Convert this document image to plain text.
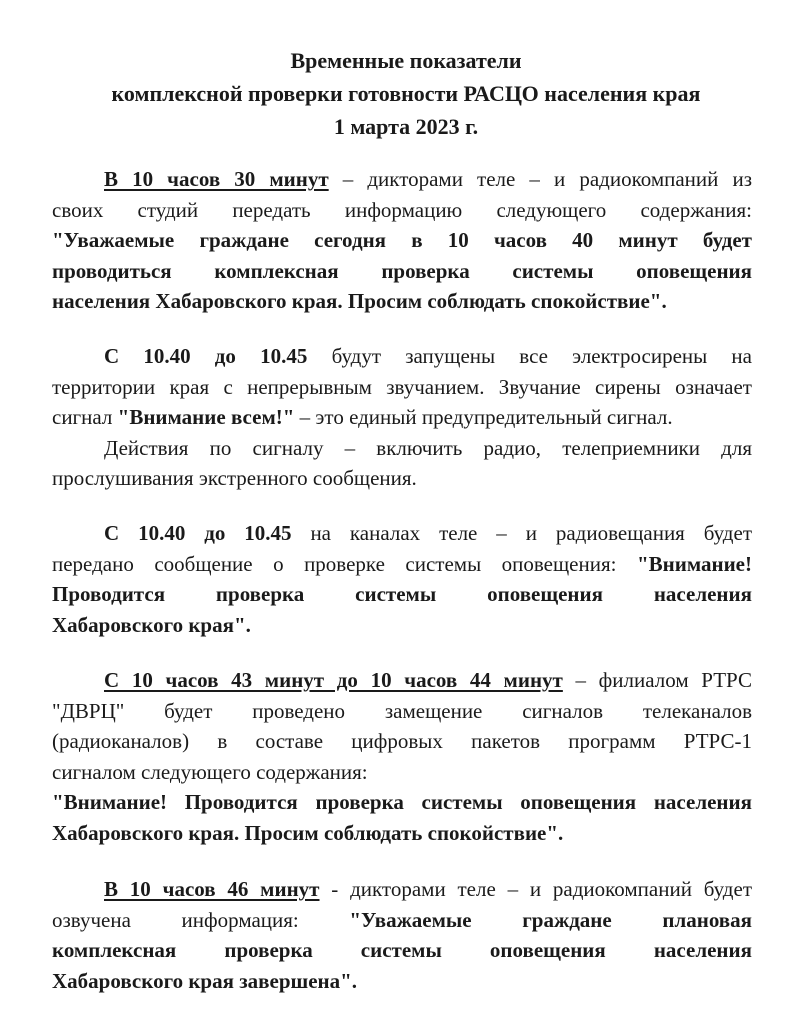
Временные показатели
комплексной проверки готовности РАСЦО населения края
1 марта 2023 г.
В 10 часов 30 минут – дикторами теле – и радиокомпаний из
своих студий передать информацию следующего содержания:
"Уважаемые граждане сегодня в 10 часов 40 минут будет
проводиться комплексная проверка системы оповещения
населения Хабаровского края. Просим соблюдать спокойствие".
С 10.40 до 10.45 будут запущены все электросирены на
территории края с непрерывным звучанием. Звучание сирены означает
сигнал "Внимание всем!" – это единый предупредительный сигнал.
Действия по сигналу – включить радио, телеприемники для
прослушивания экстренного сообщения.
С 10.40 до 10.45 на каналах теле – и радиовещания будет
передано сообщение о проверке системы оповещения: "Внимание!
Проводится проверка системы оповещения населения
Хабаровского края".
С 10 часов 43 минут до 10 часов 44 минут – филиалом РТРС
"ДВРЦ" будет проведено замещение сигналов телеканалов
(радиоканалов) в составе цифровых пакетов программ РТРС-1
сигналом следующего содержания:
"Внимание! Проводится проверка системы оповещения населения
Хабаровского края. Просим соблюдать спокойствие".
В 10 часов 46 минут - дикторами теле – и радиокомпаний будет
озвучена информация: "Уважаемые граждане плановая
комплексная проверка системы оповещения населения
Хабаровского края завершена".
